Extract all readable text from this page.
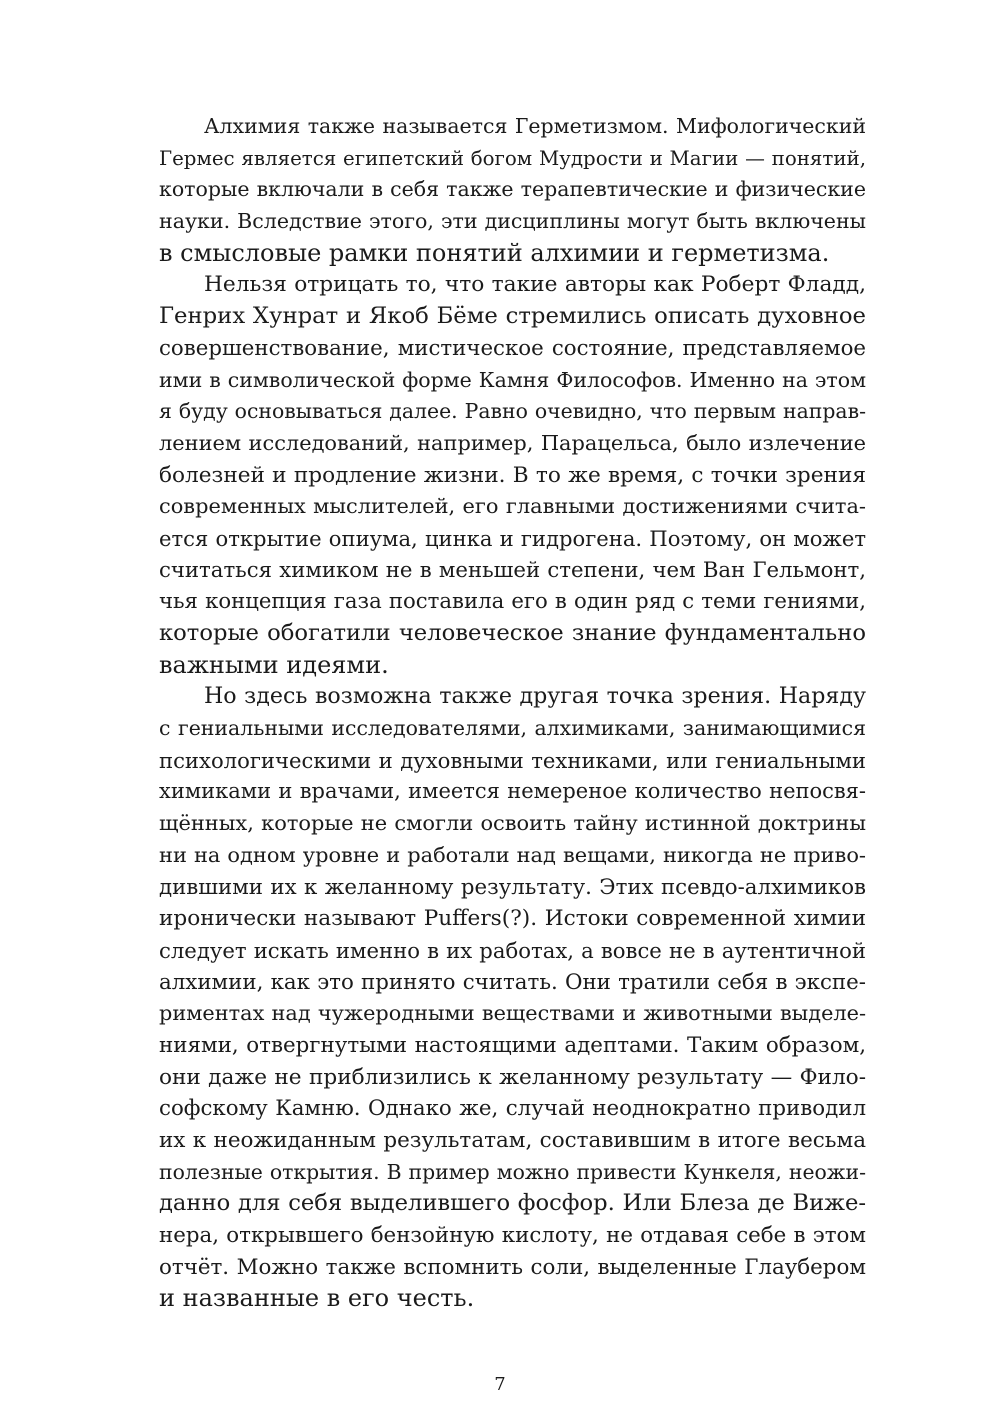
Алхимия также называется Герметизмом. Мифологический
Гермес является египетский богом Мудрости и Магии — понятий,
которые включали в себя также терапевтические и физические
науки. Вследствие этого, эти дисциплины могут быть включены
в смысловые рамки понятий алхимии и герметизма.
Нельзя отрицать то, что такие авторы как Роберт Фладд,
Генрих Хунрат и Якоб Бёме стремились описать духовное
совершенствование, мистическое состояние, представляемое
ими в символической форме Камня Философов. Именно на этом
я буду основываться далее. Равно очевидно, что первым направ-
лением исследований, например, Парацельса, было излечение
болезней и продление жизни. В то же время, с точки зрения
современных мыслителей, его главными достижениями счита-
ется открытие опиума, цинка и гидрогена. Поэтому, он может
считаться химиком не в меньшей степени, чем Ван Гельмонт,
чья концепция газа поставила его в один ряд с теми гениями,
которые обогатили человеческое знание фундаментально
важными идеями.
Но здесь возможна также другая точка зрения. Наряду
с гениальными исследователями, алхимиками, занимающимися
психологическими и духовными техниками, или гениальными
химиками и врачами, имеется немереное количество непосвя-
щённых, которые не смогли освоить тайну истинной доктрины
ни на одном уровне и работали над вещами, никогда не приво-
дившими их к желанному результату. Этих псевдо-алхимиков
иронически называют Puffers(?). Истоки современной химии
следует искать именно в их работах, а вовсе не в аутентичной
алхимии, как это принято считать. Они тратили себя в экспе-
риментах над чужеродными веществами и животными выделе-
ниями, отвергнутыми настоящими адептами. Таким образом,
они даже не приблизились к желанному результату — Фило-
софскому Камню. Однако же, случай неоднократно приводил
их к неожиданным результатам, составившим в итоге весьма
полезные открытия. В пример можно привести Кункеля, неожи-
данно для себя выделившего фосфор. Или Блеза де Виже-
нера, открывшего бензойную кислоту, не отдавая себе в этом
отчёт. Можно также вспомнить соли, выделенные Глаубером
и названные в его честь.
7
